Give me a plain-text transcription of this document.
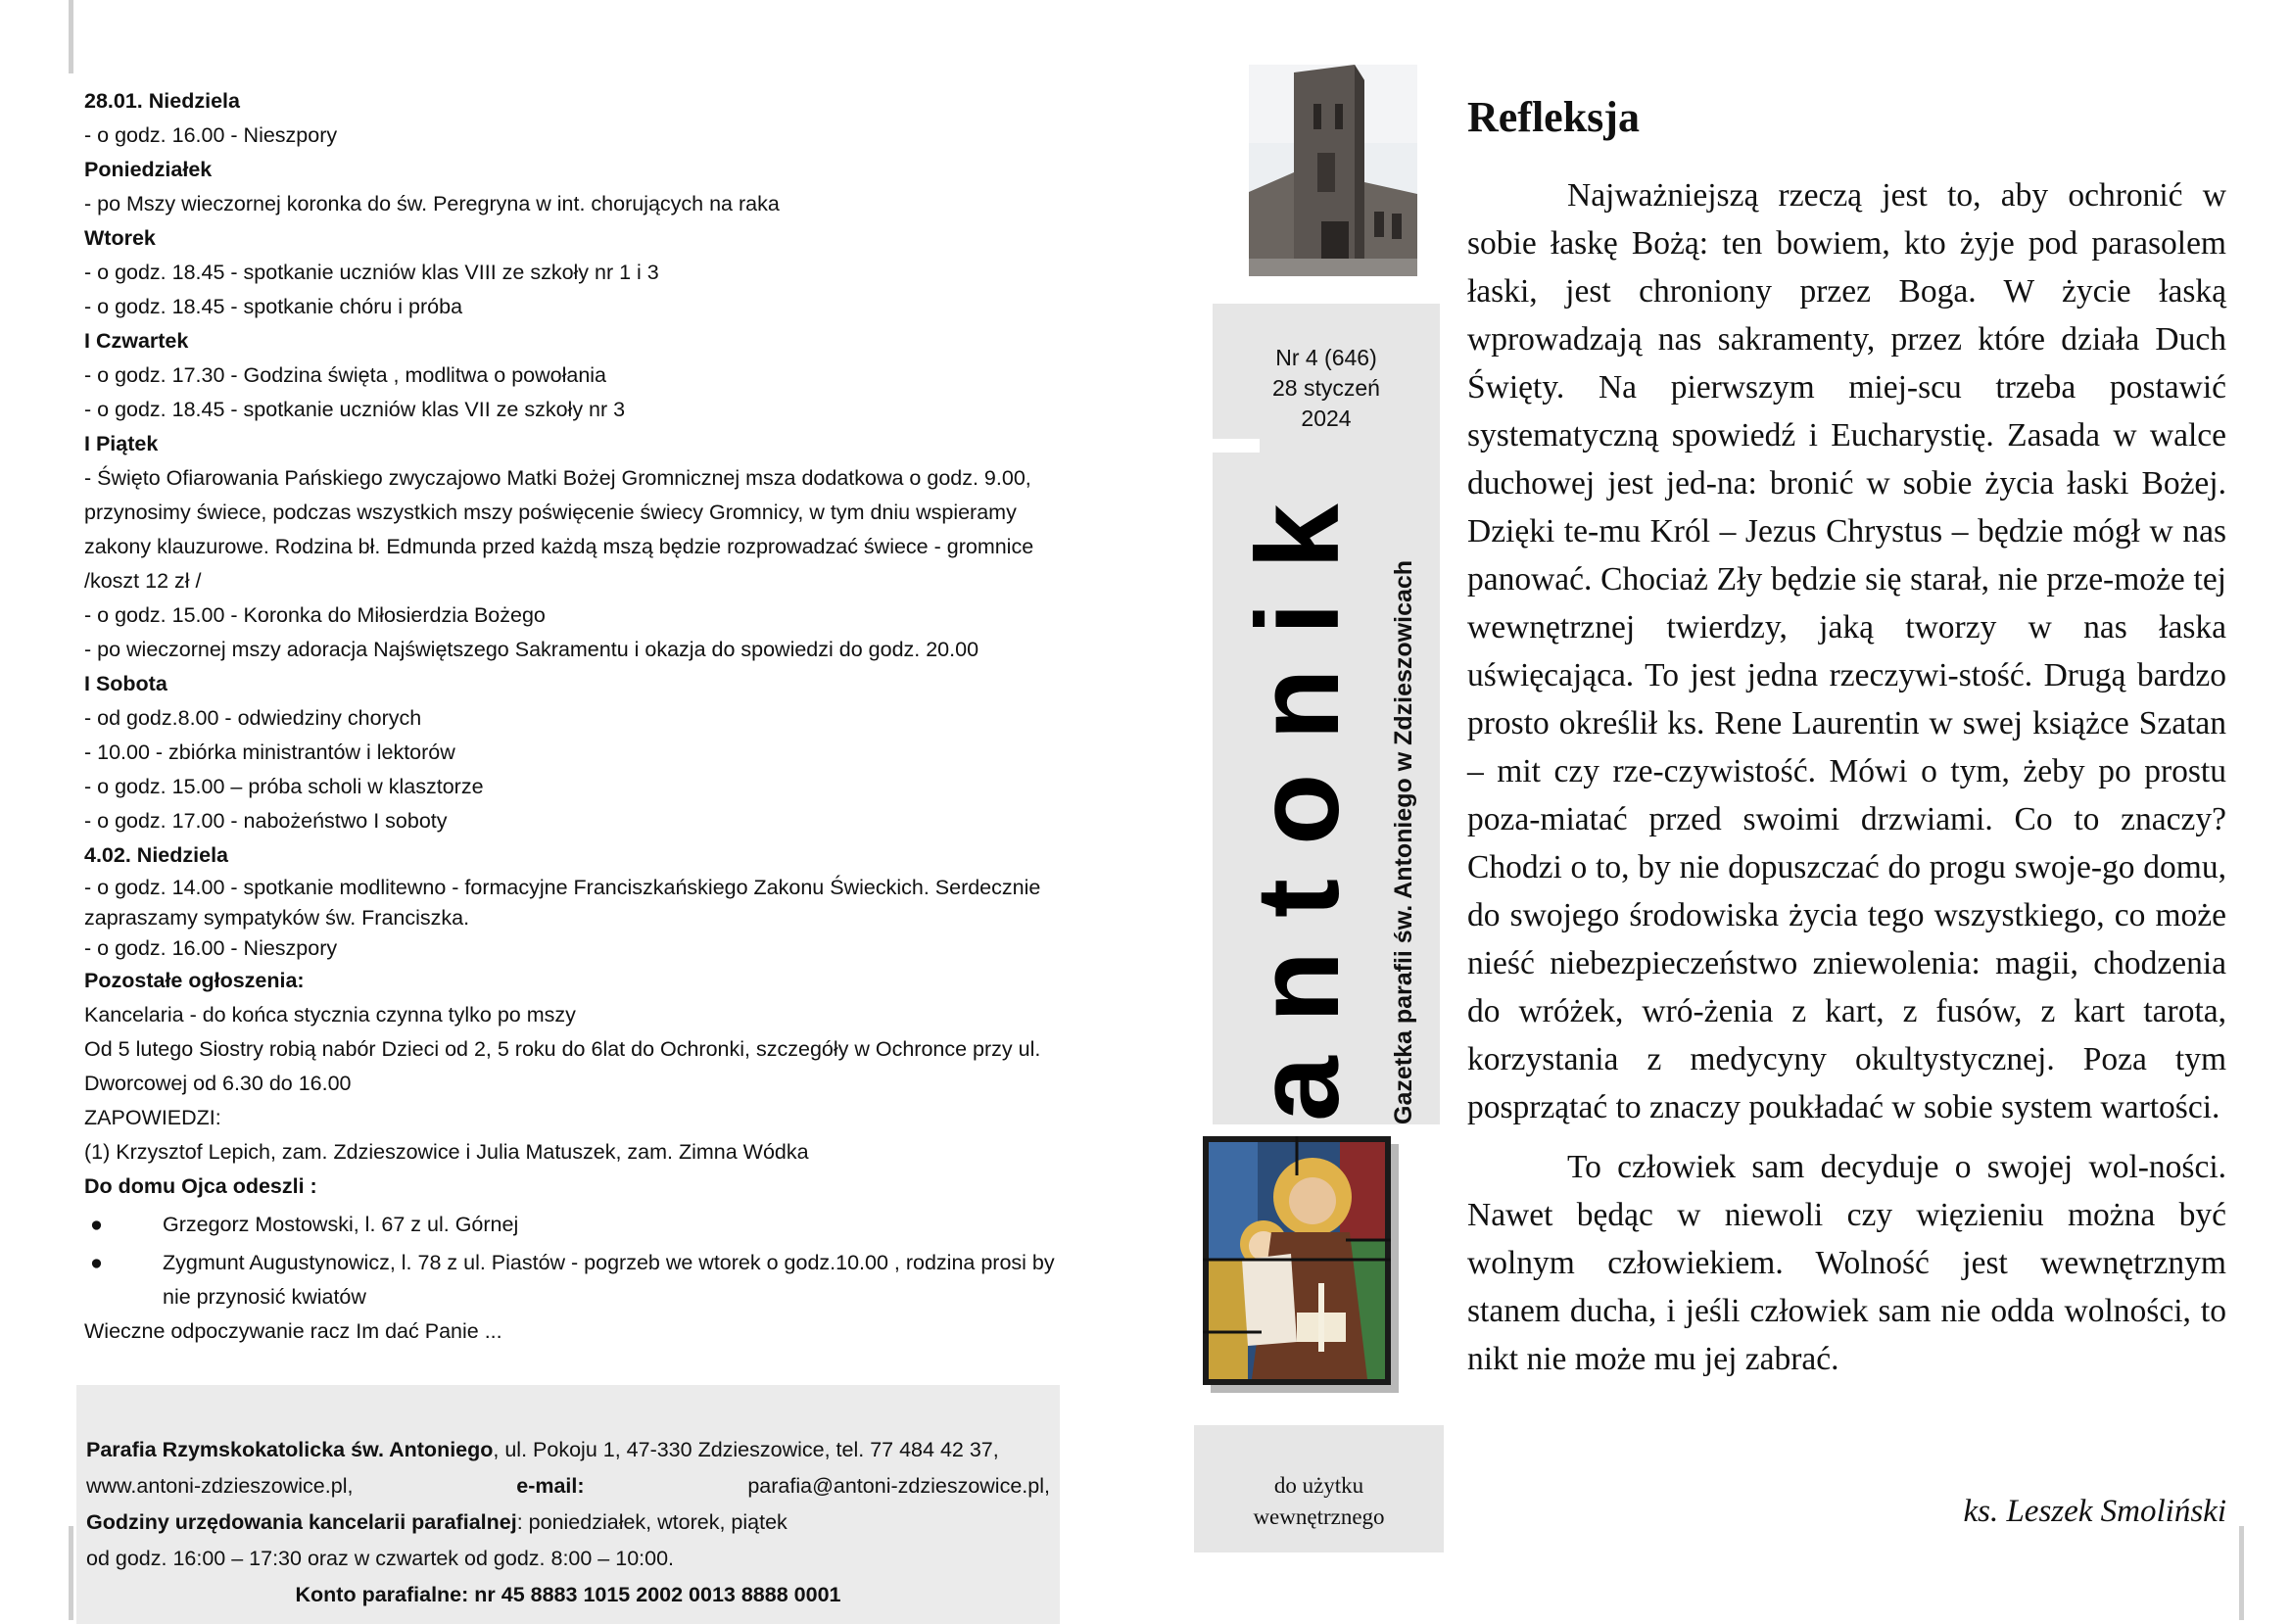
28.01. Niedziela
- o godz. 16.00 - Nieszpory
Poniedziałek
- po Mszy wieczornej koronka do św. Peregryna w int. chorujących na raka
Wtorek
- o godz. 18.45 - spotkanie uczniów klas VIII ze szkoły nr 1 i 3
- o godz. 18.45 - spotkanie chóru i próba
I Czwartek
- o godz. 17.30 - Godzina święta , modlitwa o powołania
- o godz. 18.45 - spotkanie uczniów klas VII ze szkoły nr 3
I Piątek
- Święto Ofiarowania Pańskiego zwyczajowo Matki Bożej Gromnicznej msza dodatkowa o godz. 9.00, przynosimy świece, podczas wszystkich mszy poświęcenie świecy Gromnicy, w tym dniu wspieramy zakony klauzurowe. Rodzina bł. Edmunda przed każdą mszą będzie rozprowadzać świece - gromnice /koszt 12 zł /
- o godz. 15.00 - Koronka do Miłosierdzia Bożego
- po wieczornej mszy adoracja Najświętszego Sakramentu i okazja do spowiedzi do godz. 20.00
I Sobota
- od godz.8.00 - odwiedziny chorych
- 10.00 - zbiórka ministrantów i lektorów
- o godz. 15.00 – próba scholi w klasztorze
- o godz. 17.00 - nabożeństwo I soboty
4.02. Niedziela
- o godz. 14.00 - spotkanie modlitewno - formacyjne Franciszkańskiego Zakonu Świeckich. Serdecznie zapraszamy sympatyków św. Franciszka.
- o godz. 16.00 - Nieszpory
Pozostałe ogłoszenia:
Kancelaria - do końca stycznia czynna tylko po mszy
Od 5 lutego Siostry robią nabór Dzieci od 2, 5 roku do 6lat do Ochronki, szczegóły w Ochronce przy ul. Dworcowej od 6.30 do 16.00
ZAPOWIEDZI:
(1) Krzysztof Lepich, zam. Zdzieszowice i Julia Matuszek, zam. Zimna Wódka
Do domu Ojca odeszli :
●	Grzegorz Mostowski, l. 67 z ul. Górnej
●	Zygmunt Augustynowicz, l. 78 z ul. Piastów - pogrzeb we wtorek o godz.10.00 , rodzina prosi by nie przynosić kwiatów
Wieczne odpoczywanie racz Im dać Panie ...
Parafia Rzymskokatolicka św. Antoniego, ul. Pokoju 1, 47-330 Zdzieszowice, tel. 77 484 42 37,
www.antoni-zdzieszowice.pl,	e-mail:	parafia@antoni-zdzieszowice.pl,
Godziny urzędowania kancelarii parafialnej: poniedziałek, wtorek, piątek
od godz. 16:00 – 17:30 oraz w czwartek od godz. 8:00 – 10:00.
Konto parafialne: nr 45 8883 1015 2002 0013 8888 0001
Nr 4 (646)
28 styczeń
2024
antonik Gazetka parafii św. Antoniego w Zdzieszowicach
do użytku
wewnętrznego
Refleksja

Najważniejszą rzeczą jest to, aby ochronić w sobie łaskę Bożą: ten bowiem, kto żyje pod parasolem łaski, jest chroniony przez Boga. W życie łaską wprowadzają nas sakramenty, przez które działa Duch Święty. Na pierwszym miej-scu trzeba postawić systematyczną spowiedź i Eucharystię. Zasada w walce duchowej jest jed-na: bronić w sobie życia łaski Bożej. Dzięki te-mu Król – Jezus Chrystus – będzie mógł w nas panować. Chociaż Zły będzie się starał, nie prze-może tej wewnętrznej twierdzy, jaką tworzy w nas łaska uświęcająca. To jest jedna rzeczywi-stość. Drugą bardzo prosto określił ks. Rene Laurentin w swej książce Szatan – mit czy rze-czywistość. Mówi o tym, żeby po prostu poza-miatać przed swoimi drzwiami. Co to znaczy? Chodzi o to, by nie dopuszczać do progu swoje-go domu, do swojego środowiska życia tego wszystkiego, co może nieść niebezpieczeństwo zniewolenia: magii, chodzenia do wróżek, wró-żenia z kart, z fusów, z kart tarota, korzystania z medycyny okultystycznej. Poza tym posprzątać to znaczy poukładać w sobie system wartości.

To człowiek sam decyduje o swojej wol-ności. Nawet będąc w niewoli czy więzieniu można być wolnym człowiekiem. Wolność jest wewnętrznym stanem ducha, i jeśli człowiek sam nie odda wolności, to nikt nie może mu jej zabrać.

ks. Leszek Smoliński
